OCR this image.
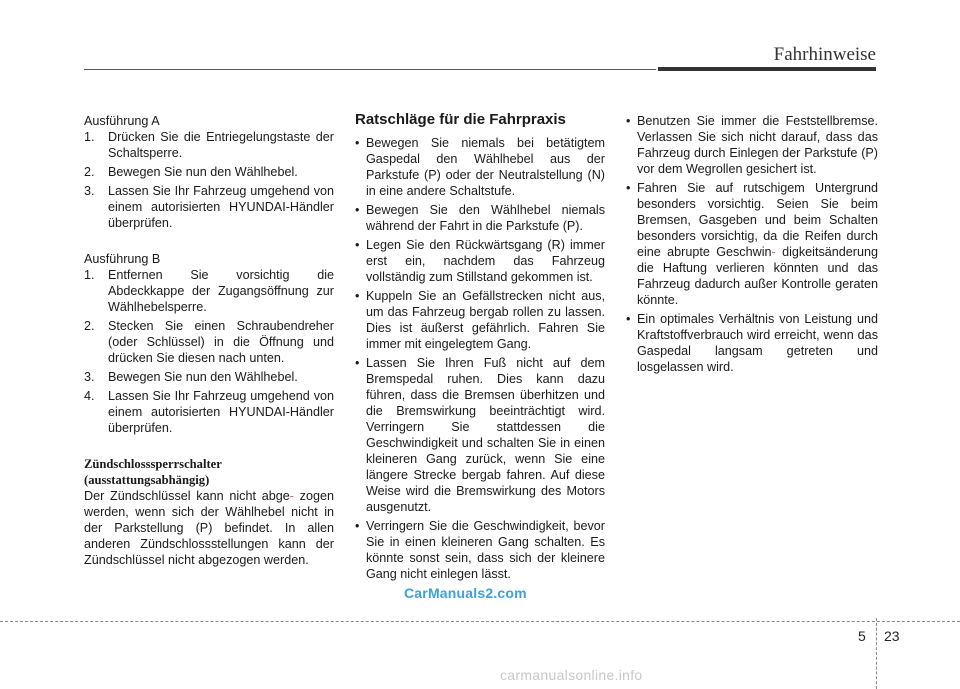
Fahrhinweise

Ausführung A

1. Drücken Sie die Entriegelungstaste der Schaltsperre.
2. Bewegen Sie nun den Wählhebel.
3. Lassen Sie Ihr Fahrzeug umgehend von einem autorisierten HYUNDAI-Händler überprüfen.

Ausführung B

1. Entfernen Sie vorsichtig die Abdeckkappe der Zugangsöffnung zur Wählhebelsperre.
2. Stecken Sie einen Schraubendreher (oder Schlüssel) in die Öffnung und drücken Sie diesen nach unten.
3. Bewegen Sie nun den Wählhebel.
4. Lassen Sie Ihr Fahrzeug umgehend von einem autorisierten HYUNDAI-Händler überprüfen.

Zündschlosssperrschalter

(ausstattungsabhängig)

Der Zündschlüssel kann nicht abge- zogen werden, wenn sich der Wählhebel nicht in der Parkstellung (P) befindet. In allen anderen Zündschlossstellungen kann der Zündschlüssel nicht abgezogen werden.

Ratschläge für die Fahrpraxis
• Bewegen Sie niemals bei betätigtem Gaspedal den Wählhebel aus der Parkstufe (P) oder der Neutralstellung (N) in eine andere Schaltstufe.
• Bewegen Sie den Wählhebel niemals während der Fahrt in die Parkstufe (P).
• Legen Sie den Rückwärtsgang (R) immer erst ein, nachdem das Fahrzeug vollständig zum Stillstand gekommen ist.
• Kuppeln Sie an Gefällstrecken nicht aus, um das Fahrzeug bergab rollen zu lassen. Dies ist äußerst gefährlich. Fahren Sie immer mit eingelegtem Gang.
• Lassen Sie Ihren Fuß nicht auf dem Bremspedal ruhen. Dies kann dazu führen, dass die Bremsen überhitzen und die Bremswirkung beeinträchtigt wird. Verringern Sie stattdessen die Geschwindigkeit und schalten Sie in einen kleineren Gang zurück, wenn Sie eine längere Strecke bergab fahren. Auf diese Weise wird die Bremswirkung des Motors ausgenutzt.
• Verringern Sie die Geschwindigkeit, bevor Sie in einen kleineren Gang schalten. Es könnte sonst sein, dass sich der kleinere Gang nicht einlegen lässt.
• Benutzen Sie immer die Feststellbremse. Verlassen Sie sich nicht darauf, dass das Fahrzeug durch Einlegen der Parkstufe (P) vor dem Wegrollen gesichert ist.
• Fahren Sie auf rutschigem Untergrund besonders vorsichtig. Seien Sie beim Bremsen, Gasgeben und beim Schalten besonders vorsichtig, da die Reifen durch eine abrupte Geschwin- digkeitsänderung die Haftung verlieren könnten und das Fahrzeug dadurch außer Kontrolle geraten könnte.
• Ein optimales Verhältnis von Leistung und Kraftstoffverbrauch wird erreicht, wenn das Gaspedal langsam getreten und losgelassen wird.
CarManuals2.com
5 23
carmanualsonline.info
